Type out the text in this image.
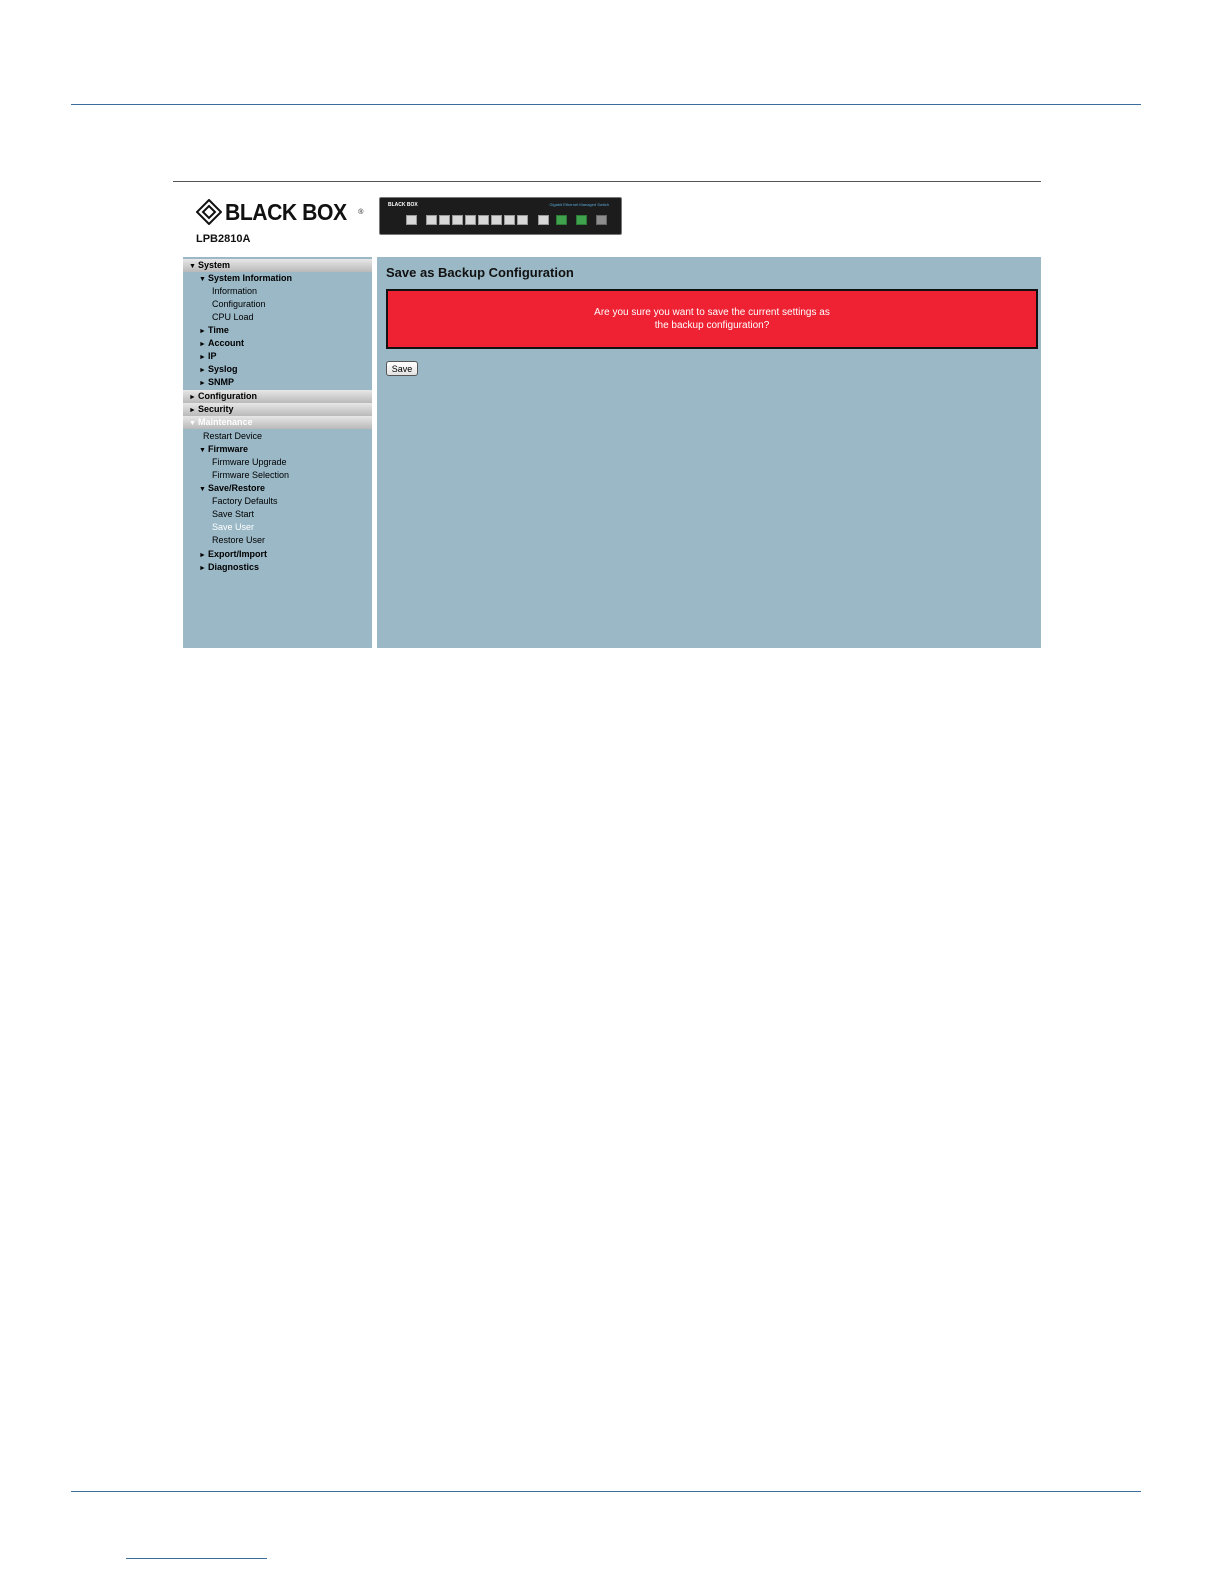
BLACK BOX ®
LPB2810A
BLACK BOX	Gigabit Ethernet Managed Switch
▼ System
▼ System Information
Information
Configuration
CPU Load
► Time
► Account
► IP
► Syslog
► SNMP
► Configuration
► Security
▼ Maintenance
Restart Device
▼ Firmware
Firmware Upgrade
Firmware Selection
▼ Save/Restore
Factory Defaults
Save Start
Save User
Restore User
► Export/Import
► Diagnostics
Save as Backup Configuration
Are you sure you want to save the current settings as
the backup configuration?
Save
